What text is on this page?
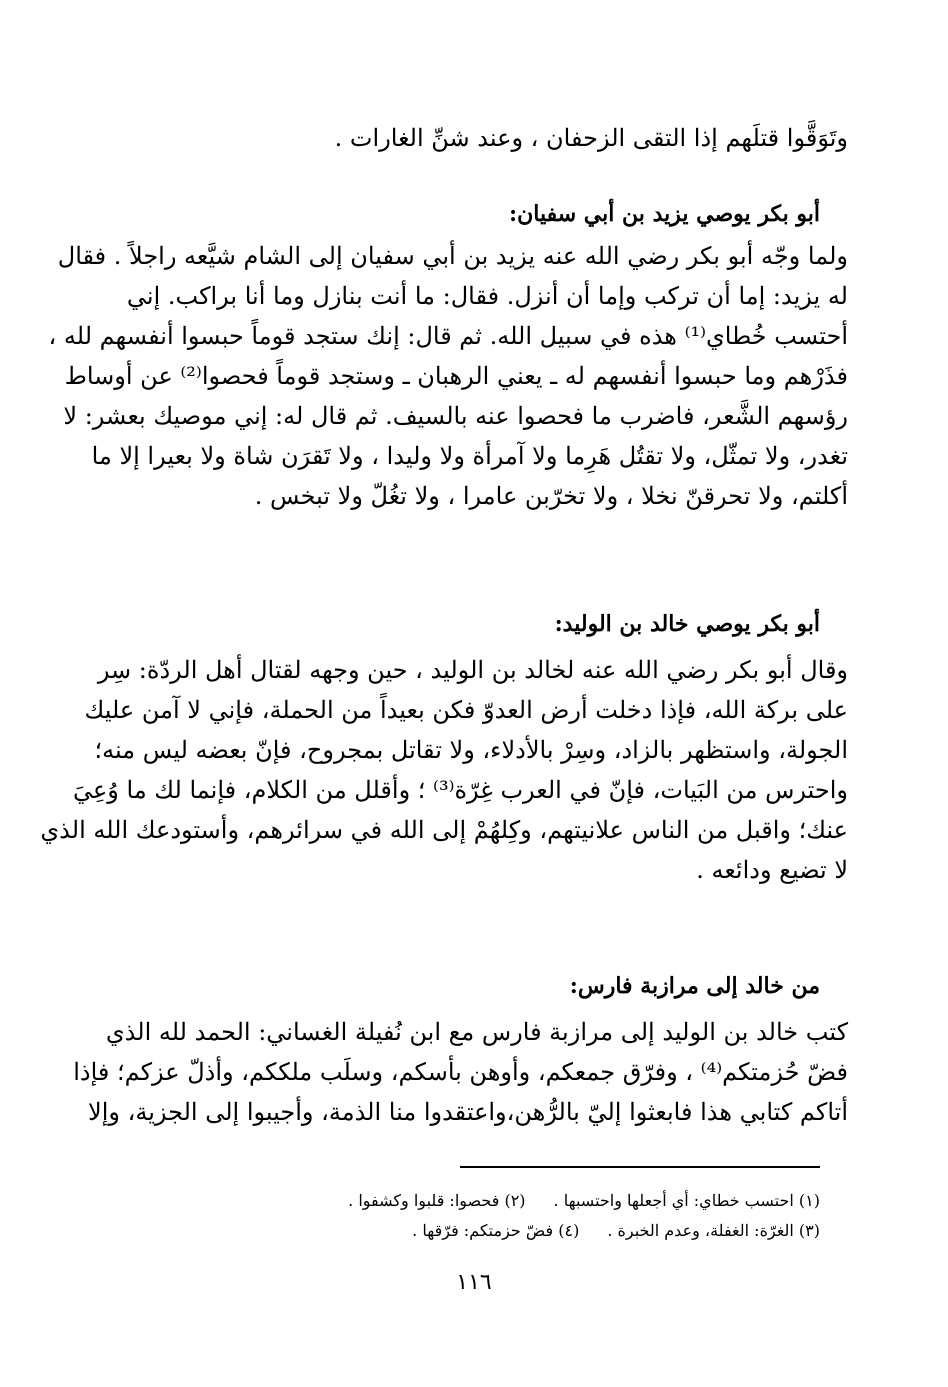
وتَوَقَّوا قتلَهم إذا التقى الزحفان ، وعند شنِّ الغارات .
أبو بكر يوصي يزيد بن أبي سفيان:
ولما وجّه أبو بكر رضي الله عنه يزيد بن أبي سفيان إلى الشام شيَّعه راجلاً . فقال
له يزيد: إما أن تركب وإما أن أنزل. فقال: ما أنت بنازل وما أنا براكب. إني
أحتسب خُطاي⁽¹⁾ هذه في سبيل الله. ثم قال: إنك ستجد قوماً حبسوا أنفسهم لله ،
فذَرْهم وما حبسوا أنفسهم له ـ يعني الرهبان ـ وستجد قوماً فحصوا⁽²⁾ عن أوساط
رؤسهم الشَّعر، فاضرب ما فحصوا عنه بالسيف. ثم قال له: إني موصيك بعشر: لا
تغدر، ولا تمثّل، ولا تقتُل هَرِما ولا آمرأة ولا وليدا ، ولا تَقرَن شاة ولا بعيرا إلا ما
أكلتم، ولا تحرقنّ نخلا ، ولا تخرّبن عامرا ، ولا تغُلّ ولا تبخس .
أبو بكر يوصي خالد بن الوليد:
وقال أبو بكر رضي الله عنه لخالد بن الوليد ، حين وجهه لقتال أهل الردّة: سِر
على بركة الله، فإذا دخلت أرض العدوّ فكن بعيداً من الحملة، فإني لا آمن عليك
الجولة، واستظهر بالزاد، وسِرْ بالأدلاء، ولا تقاتل بمجروح، فإنّ بعضه ليس منه؛
واحترس من البَيات، فإنّ في العرب غِرّة⁽³⁾ ؛ وأقلل من الكلام، فإنما لك ما وُعِيَ
عنك؛ واقبل من الناس علانيتهم، وكِلهُمْ إلى الله في سرائرهم، وأستودعك الله الذي
لا تضيع ودائعه .
من خالد إلى مرازبة فارس:
كتب خالد بن الوليد إلى مرازبة فارس مع ابن نُفيلة الغساني: الحمد لله الذي
فضّ حُزمتكم⁽⁴⁾ ، وفرّق جمعكم، وأوهن بأسكم، وسلَب ملككم، وأذلّ عزكم؛ فإذا
أتاكم كتابي هذا فابعثوا إليّ بالرُّهن،واعتقدوا منا الذمة، وأجيبوا إلى الجزية، وإلا
(١) احتسب خطاي: أي أجعلها واحتسبها .
(٢) فحصوا: قلبوا وكشفوا .
(٣) الغرّة: الغفلة، وعدم الخبرة .
(٤) فضّ حزمتكم: فرّقها .
١١٦
